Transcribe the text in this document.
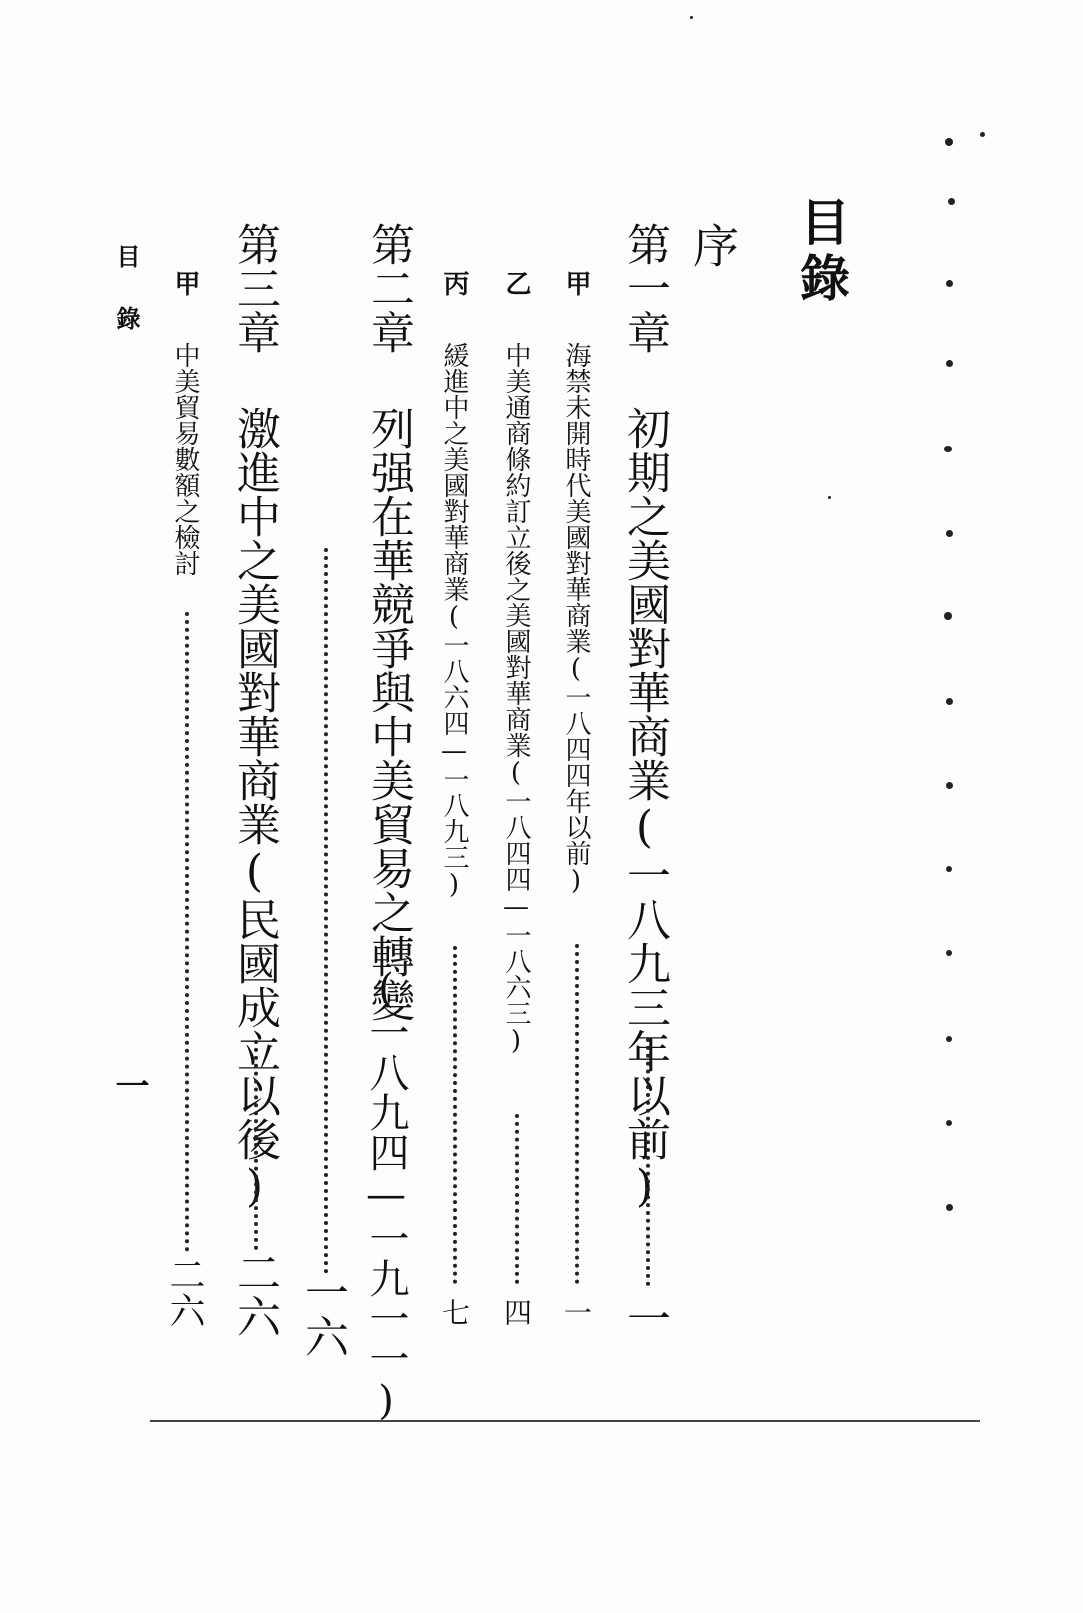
目錄
序
第一章初期之美國對華商業(一八九三年以前)
一
甲海禁未開時代美國對華商業(一八四四年以前)
一
乙中美通商條約訂立後之美國對華商業(一八四四—一八六三)
四
丙緩進中之美國對華商業(一八六四—一八九三)
七
第二章列强在華競爭與中美貿易之轉變
(一八九四—一九一一)
一六
第三章激進中之美國對華商業(民國成立以後)
二六
甲中美貿易數額之檢討
二六
目錄
一
